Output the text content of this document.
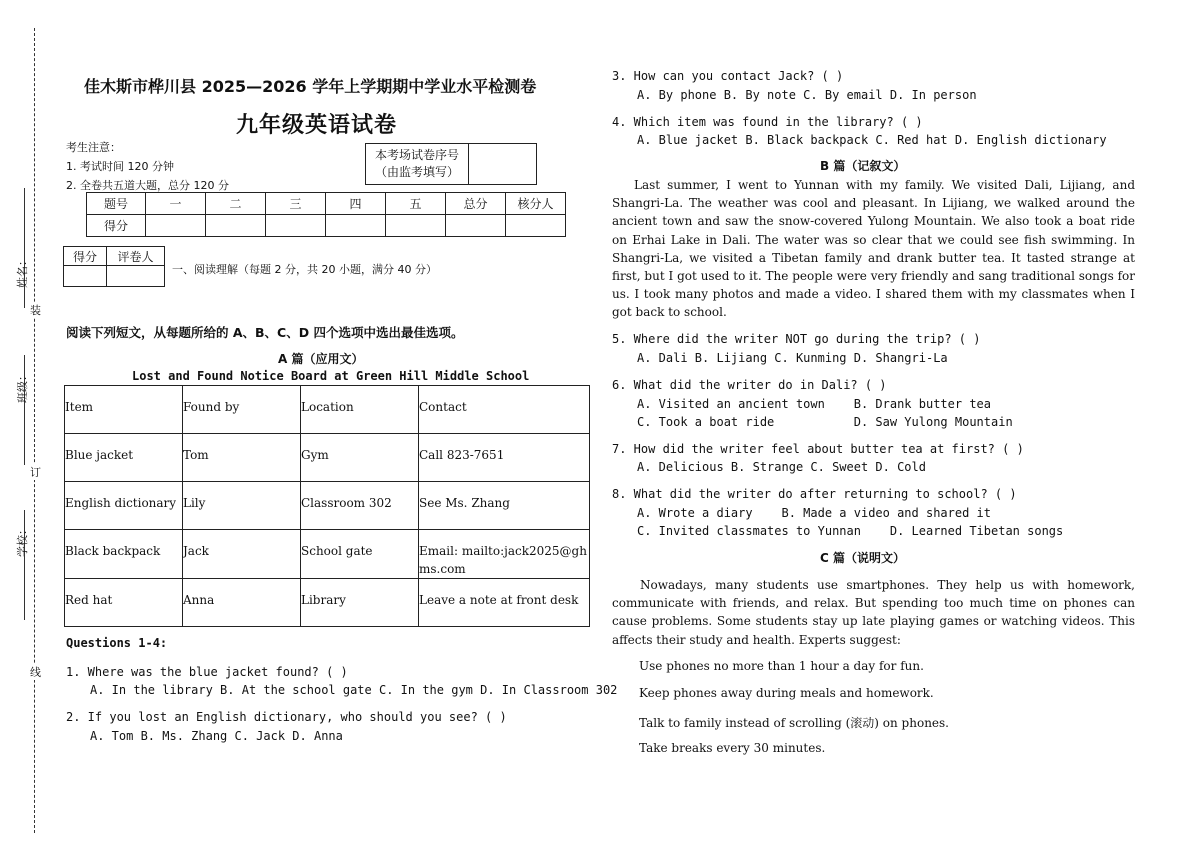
姓名：
班级：
学校：
装
订
线
佳木斯市桦川县 2025—2026 学年上学期期中学业水平检测卷
九年级英语试卷
考生注意：
1. 考试时间 120 分钟
2. 全卷共五道大题，总分 120 分
本考场试卷序号
（由监考填写）	
题号	一	二	三	四	五	总分	核分人
得分							
得分	评卷人

一、阅读理解（每题 2 分，共 20 小题，满分 40 分）
阅读下列短文，从每题所给的 A、B、C、D 四个选项中选出最佳选项。
A 篇（应用文）
Lost and Found Notice Board at Green Hill Middle School
Item	Found by	Location	Contact
Blue jacket	Tom	Gym	Call 823-7651
English dictionary	Lily	Classroom 302	See Ms. Zhang
Black backpack	Jack	School gate	Email: mailto:jack2025@ghms.com
Red hat	Anna	Library	Leave a note at front desk
Questions 1-4:
1. Where was the blue jacket found? ( )
A. In the library B. At the school gate C. In the gym D. In Classroom 302
2. If you lost an English dictionary, who should you see? ( )
A. Tom B. Ms. Zhang C. Jack D. Anna
3. How can you contact Jack? ( )
A. By phone B. By note C. By email D. In person
4. Which item was found in the library? ( )
A. Blue jacket B. Black backpack C. Red hat D. English dictionary
B 篇（记叙文）
Last summer, I went to Yunnan with my family. We visited Dali, Lijiang, and Shangri-La. The weather was cool and pleasant. In Lijiang, we walked around the ancient town and saw the snow-covered Yulong Mountain. We also took a boat ride on Erhai Lake in Dali. The water was so clear that we could see fish swimming. In Shangri-La, we visited a Tibetan family and drank butter tea. It tasted strange at first, but I got used to it. The people were very friendly and sang traditional songs for us. I took many photos and made a video. I shared them with my classmates when I got back to school.
5. Where did the writer NOT go during the trip? ( )
A. Dali B. Lijiang C. Kunming D. Shangri-La
6. What did the writer do in Dali? ( )
A. Visited an ancient town    B. Drank butter tea
C. Took a boat ride           D. Saw Yulong Mountain
7. How did the writer feel about butter tea at first? ( )
A. Delicious B. Strange C. Sweet D. Cold
8. What did the writer do after returning to school? ( )
A. Wrote a diary    B. Made a video and shared it
C. Invited classmates to Yunnan    D. Learned Tibetan songs
C 篇（说明文）
Nowadays, many students use smartphones. They help us with homework, communicate with friends, and relax. But spending too much time on phones can cause problems. Some students stay up late playing games or watching videos. This affects their study and health. Experts suggest:
Use phones no more than 1 hour a day for fun.
Keep phones away during meals and homework.
Talk to family instead of scrolling (滚动) on phones.
Take breaks every 30 minutes.
